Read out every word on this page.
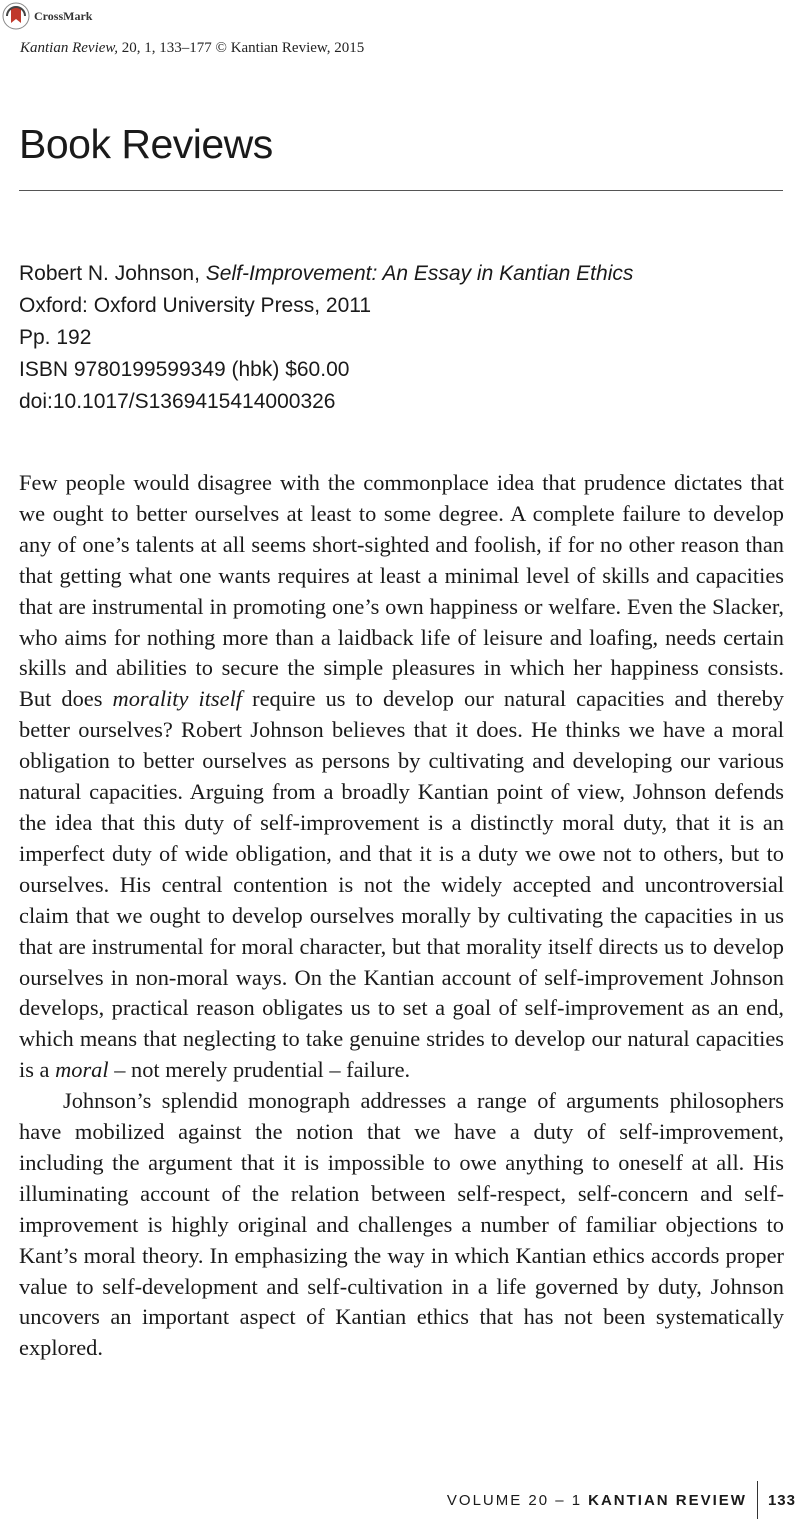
CrossMark
Kantian Review, 20, 1, 133–177 © Kantian Review, 2015
Book Reviews
Robert N. Johnson, Self-Improvement: An Essay in Kantian Ethics
Oxford: Oxford University Press, 2011
Pp. 192
ISBN 9780199599349 (hbk) $60.00
doi:10.1017/S1369415414000326

Few people would disagree with the commonplace idea that prudence dictates that we ought to better ourselves at least to some degree. A complete failure to develop any of one’s talents at all seems short-sighted and foolish, if for no other reason than that getting what one wants requires at least a minimal level of skills and capacities that are instrumental in promoting one’s own happiness or welfare. Even the Slacker, who aims for nothing more than a laidback life of leisure and loafing, needs certain skills and abilities to secure the simple pleasures in which her happiness consists. But does morality itself require us to develop our natural capacities and thereby better ourselves? Robert Johnson believes that it does. He thinks we have a moral obligation to better ourselves as persons by cultivating and developing our various natural capacities. Arguing from a broadly Kantian point of view, Johnson defends the idea that this duty of self-improvement is a distinctly moral duty, that it is an imperfect duty of wide obligation, and that it is a duty we owe not to others, but to ourselves. His central contention is not the widely accepted and uncontroversial claim that we ought to develop ourselves morally by cultivating the capacities in us that are instrumental for moral character, but that morality itself directs us to develop ourselves in non-moral ways. On the Kantian account of self-improvement Johnson develops, practical reason obligates us to set a goal of self-improvement as an end, which means that neglecting to take genuine strides to develop our natural capacities is a moral – not merely prudential – failure.

Johnson’s splendid monograph addresses a range of arguments philosophers have mobilized against the notion that we have a duty of self-improvement, including the argument that it is impossible to owe anything to oneself at all. His illuminating account of the relation between self-respect, self-concern and self-improvement is highly original and challenges a number of familiar objections to Kant’s moral theory. In emphasizing the way in which Kantian ethics accords proper value to self-development and self-cultivation in a life governed by duty, Johnson uncovers an important aspect of Kantian ethics that has not been systematically explored.

VOLUME 20 – 1 KANTIAN REVIEW 133
